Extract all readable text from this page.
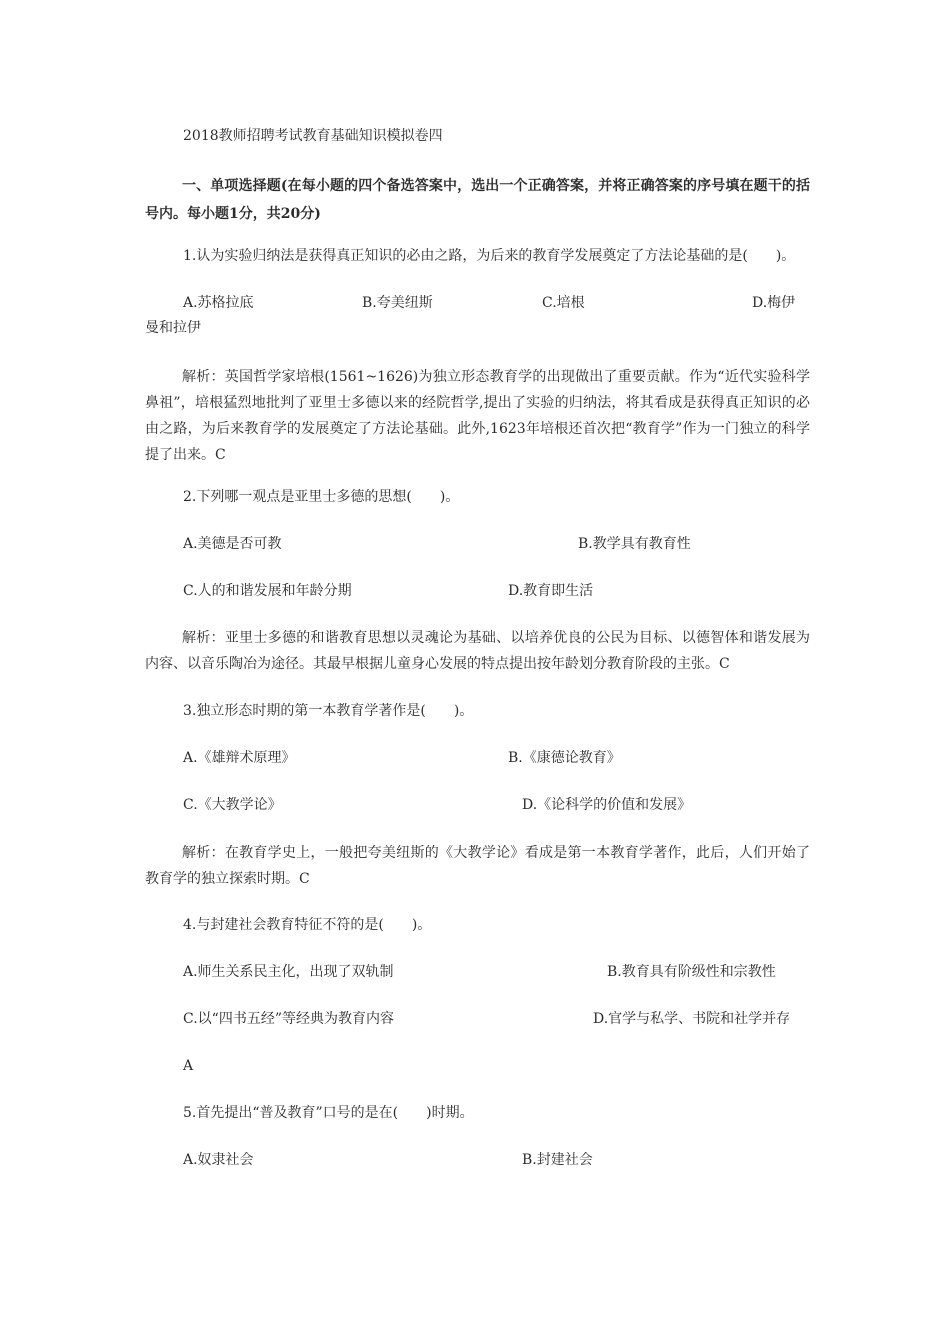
2018教师招聘考试教育基础知识模拟卷四
一、单项选择题(在每小题的四个备选答案中，选出一个正确答案，并将正确答案的序号填在题干的括号内。每小题1分，共20分)
1.认为实验归纳法是获得真正知识的必由之路，为后来的教育学发展奠定了方法论基础的是(　　)。
A.苏格拉底	B.夸美纽斯	C.培根	D.梅伊
曼和拉伊
解析：英国哲学家培根(1561~1626)为独立形态教育学的出现做出了重要贡献。作为“近代实验科学鼻祖”，培根猛烈地批判了亚里士多德以来的经院哲学,提出了实验的归纳法，将其看成是获得真正知识的必由之路，为后来教育学的发展奠定了方法论基础。此外,1623年培根还首次把“教育学”作为一门独立的科学提了出来。C
2.下列哪一观点是亚里士多德的思想(　　)。
A.美德是否可教	B.教学具有教育性
C.人的和谐发展和年龄分期	D.教育即生活
解析：亚里士多德的和谐教育思想以灵魂论为基础、以培养优良的公民为目标、以德智体和谐发展为内容、以音乐陶冶为途径。其最早根据儿童身心发展的特点提出按年龄划分教育阶段的主张。C
3.独立形态时期的第一本教育学著作是(　　)。
A.《雄辩术原理》	B.《康德论教育》
C.《大教学论》	D.《论科学的价值和发展》
解析：在教育学史上，一般把夸美纽斯的《大教学论》看成是第一本教育学著作，此后，人们开始了教育学的独立探索时期。C
4.与封建社会教育特征不符的是(　　)。
A.师生关系民主化，出现了双轨制	B.教育具有阶级性和宗教性
C.以“四书五经”等经典为教育内容	D.官学与私学、书院和社学并存
A
5.首先提出“普及教育”口号的是在(　　)时期。
A.奴隶社会	B.封建社会
